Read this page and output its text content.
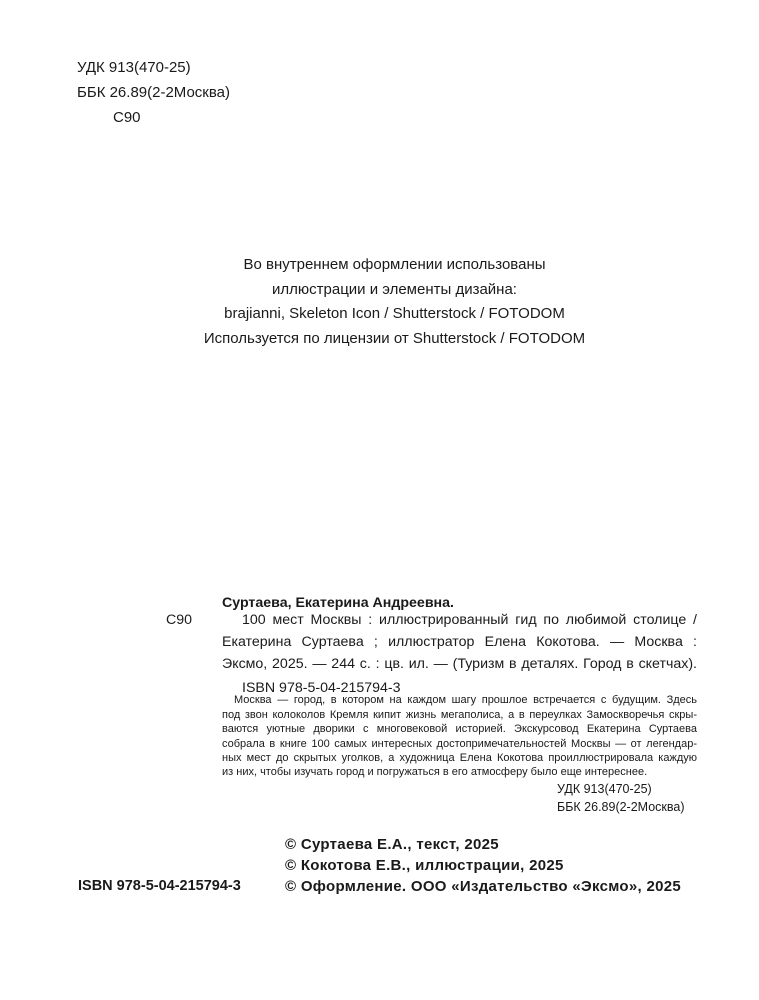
УДК 913(470-25)
ББК 26.89(2-2Москва)
С90
Во внутреннем оформлении использованы
иллюстрации и элементы дизайна:
brajianni, Skeleton Icon / Shutterstock / FOTODOM
Используется по лицензии от Shutterstock / FOTODOM
Суртаева, Екатерина Андреевна.
С90	100 мест Москвы : иллюстрированный гид по любимой столице /
Екатерина Суртаева ; иллюстратор Елена Кокотова. — Москва :
Эксмо, 2025. — 244 с. : цв. ил. — (Туризм в деталях. Город в скетчах).
ISBN 978-5-04-215794-3
Москва — город, в котором на каждом шагу прошлое встречается с будущим. Здесь
под звон колоколов Кремля кипит жизнь мегаполиса, а в переулках Замоскворечья скры-
ваются уютные дворики с многовековой историей. Экскурсовод Екатерина Суртаева
собрала в книге 100 самых интересных достопримечательностей Москвы — от легендар-
ных мест до скрытых уголков, а художница Елена Кокотова проиллюстрировала каждую
из них, чтобы изучать город и погружаться в его атмосферу было еще интереснее.
УДК 913(470-25)
ББК 26.89(2-2Москва)
ISBN 978-5-04-215794-3
© Суртаева Е.А., текст, 2025
© Кокотова Е.В., иллюстрации, 2025
© Оформление. ООО «Издательство «Эксмо», 2025
